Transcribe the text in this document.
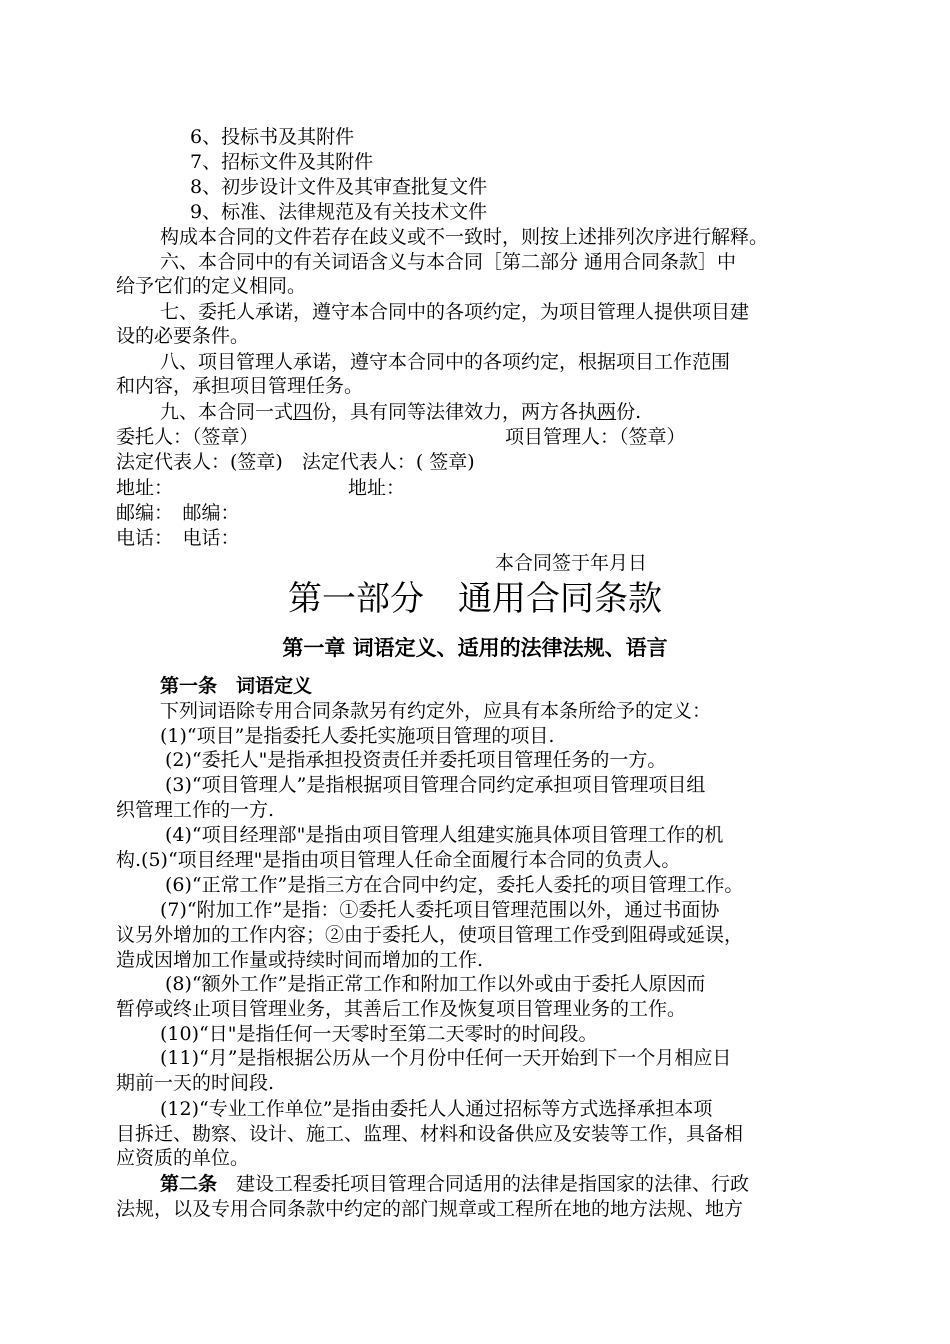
6、投标书及其附件
7、招标文件及其附件
8、初步设计文件及其审查批复文件
9、标准、法律规范及有关技术文件
构成本合同的文件若存在歧义或不一致时，则按上述排列次序进行解释。
六、本合同中的有关词语含义与本合同［第二部分 通用合同条款］中
给予它们的定义相同。
七、委托人承诺，遵守本合同中的各项约定，为项目管理人提供项目建
设的必要条件。
八、项目管理人承诺，遵守本合同中的各项约定，根据项目工作范围
和内容，承担项目管理任务。
九、本合同一式四份，具有同等法律效力，两方各执两份.
委托人：（签章）	项目管理人：（签章）
法定代表人：(签章)　法定代表人：( 签章)
地址：	地址：
邮编：　邮编：
电话：　电话：
本合同签于年月日
第一部分　通用合同条款
第一章 词语定义、适用的法律法规、语言
第一条　词语定义
下列词语除专用合同条款另有约定外，应具有本条所给予的定义：
(1)“项目”是指委托人委托实施项目管理的项目.
(2)“委托人"是指承担投资责任并委托项目管理任务的一方。
(3)“项目管理人”是指根据项目管理合同约定承担项目管理项目组
织管理工作的一方.
(4)“项目经理部"是指由项目管理人组建实施具体项目管理工作的机
构.(5)“项目经理"是指由项目管理人任命全面履行本合同的负责人。
(6)“正常工作”是指三方在合同中约定，委托人委托的项目管理工作。
(7)“附加工作”是指：①委托人委托项目管理范围以外，通过书面协
议另外增加的工作内容；②由于委托人，使项目管理工作受到阻碍或延误，
造成因增加工作量或持续时间而增加的工作.
(8)“额外工作”是指正常工作和附加工作以外或由于委托人原因而
暂停或终止项目管理业务，其善后工作及恢复项目管理业务的工作。
(10)“日"是指任何一天零时至第二天零时的时间段。
(11)“月”是指根据公历从一个月份中任何一天开始到下一个月相应日
期前一天的时间段.
(12)“专业工作单位”是指由委托人人通过招标等方式选择承担本项
目拆迁、勘察、设计、施工、监理、材料和设备供应及安装等工作，具备相
应资质的单位。
第二条　建设工程委托项目管理合同适用的法律是指国家的法律、行政
法规，以及专用合同条款中约定的部门规章或工程所在地的地方法规、地方
